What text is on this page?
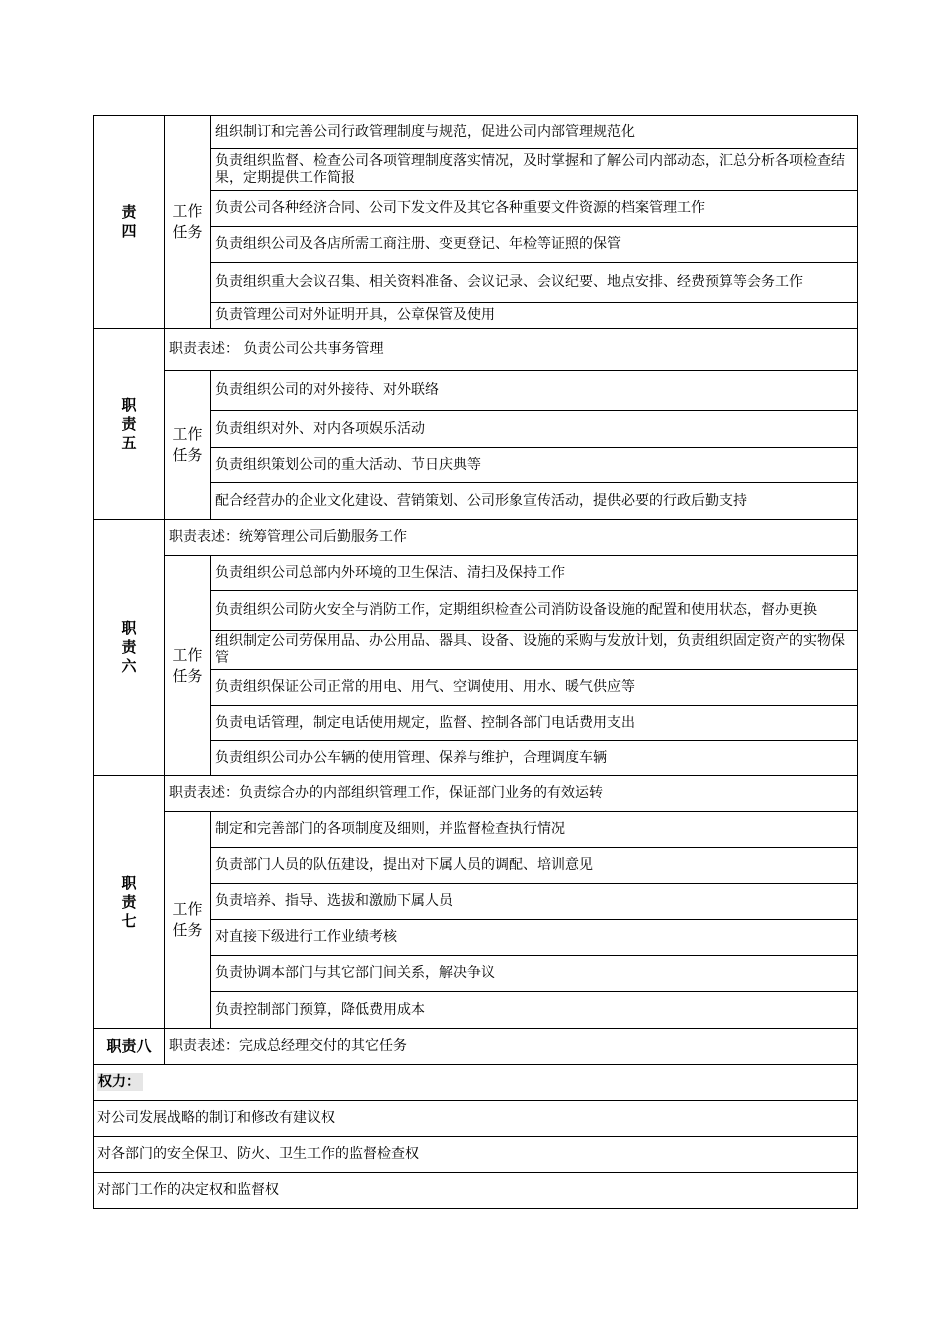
责四	工作任务	组织制订和完善公司行政管理制度与规范，促进公司内部管理规范化
		负责组织监督、检查公司各项管理制度落实情况，及时掌握和了解公司内部动态，汇总分析各项检查结果，定期提供工作简报
		负责公司各种经济合同、公司下发文件及其它各种重要文件资源的档案管理工作
		负责组织公司及各店所需工商注册、变更登记、年检等证照的保管
		负责组织重大会议召集、相关资料准备、会议记录、会议纪要、地点安排、经费预算等会务工作
		负责管理公司对外证明开具，公章保管及使用
职责五	职责表述： 负责公司公共事务管理	
	工作任务	负责组织公司的对外接待、对外联络
		负责组织对外、对内各项娱乐活动
		负责组织策划公司的重大活动、节日庆典等
		配合经营办的企业文化建设、营销策划、公司形象宣传活动，提供必要的行政后勤支持
职责六	职责表述：统筹管理公司后勤服务工作	
	工作任务	负责组织公司总部内外环境的卫生保洁、清扫及保持工作
		负责组织公司防火安全与消防工作，定期组织检查公司消防设备设施的配置和使用状态，督办更换
		组织制定公司劳保用品、办公用品、器具、设备、设施的采购与发放计划，负责组织固定资产的实物保管
		负责组织保证公司正常的用电、用气、空调使用、用水、暖气供应等
		负责电话管理，制定电话使用规定，监督、控制各部门电话费用支出
		负责组织公司办公车辆的使用管理、保养与维护，合理调度车辆
职责七	职责表述：负责综合办的内部组织管理工作，保证部门业务的有效运转	
	工作任务	制定和完善部门的各项制度及细则，并监督检查执行情况
		负责部门人员的队伍建设，提出对下属人员的调配、培训意见
		负责培养、指导、选拔和激励下属人员
		对直接下级进行工作业绩考核
		负责协调本部门与其它部门间关系，解决争议
		负责控制部门预算，降低费用成本
职责八	职责表述：完成总经理交付的其它任务	
权力：		
对公司发展战略的制订和修改有建议权		
对各部门的安全保卫、防火、卫生工作的监督检查权		
对部门工作的决定权和监督权		
